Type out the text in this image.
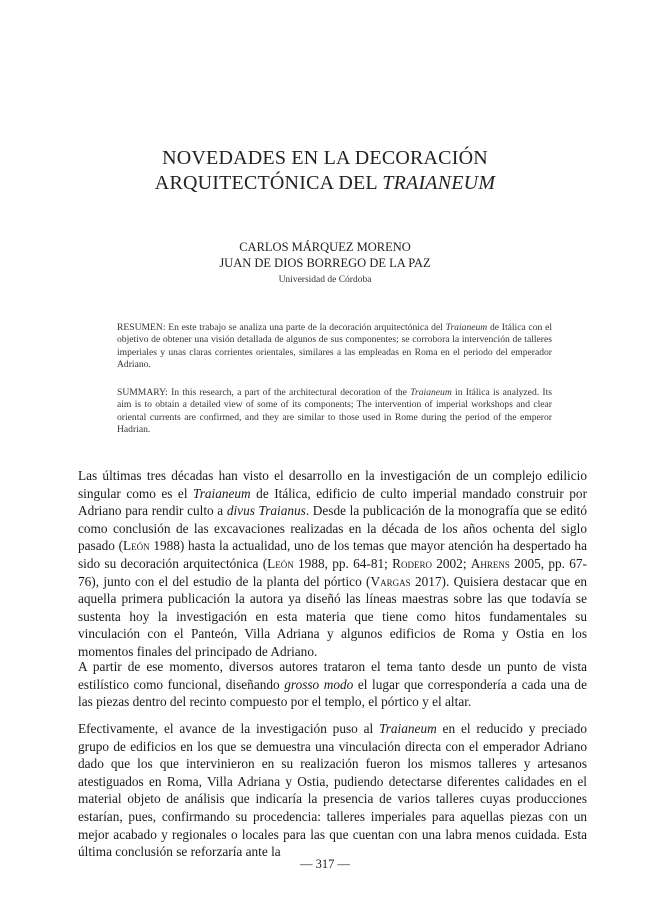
NOVEDADES EN LA DECORACIÓN
ARQUITECTÓNICA DEL TRAIANEUM
CARLOS MÁRQUEZ MORENO
JUAN DE DIOS BORREGO DE LA PAZ
Universidad de Córdoba

RESUMEN: En este trabajo se analiza una parte de la decoración arquitectónica del Traianeum de Itálica con el objetivo de obtener una visión detallada de algunos de sus componentes; se corrobora la intervención de talleres imperiales y unas claras corrientes orientales, similares a las empleadas en Roma en el periodo del emperador Adriano.

SUMMARY: In this research, a part of the architectural decoration of the Traianeum in Itálica is analyzed. Its aim is to obtain a detailed view of some of its components; The intervention of imperial workshops and clear oriental currents are confirmed, and they are similar to those used in Rome during the period of the emperor Hadrian.

Las últimas tres décadas han visto el desarrollo en la investigación de un complejo edilicio singular como es el Traianeum de Itálica, edificio de culto imperial mandado construir por Adriano para rendir culto a divus Traianus. Desde la publicación de la monografía que se editó como conclusión de las excavaciones realizadas en la década de los años ochenta del siglo pasado (León 1988) hasta la actualidad, uno de los temas que mayor atención ha despertado ha sido su decoración arquitectónica (León 1988, pp. 64-81; Rodero 2002; Ahrens 2005, pp. 67-76), junto con el del estudio de la planta del pórtico (Vargas 2017). Quisiera destacar que en aquella primera publicación la autora ya diseñó las líneas maestras sobre las que todavía se sustenta hoy la investigación en esta materia que tiene como hitos fundamentales su vinculación con el Panteón, Villa Adriana y algunos edificios de Roma y Ostia en los momentos finales del principado de Adriano.

A partir de ese momento, diversos autores trataron el tema tanto desde un punto de vista estilístico como funcional, diseñando grosso modo el lugar que correspondería a cada una de las piezas dentro del recinto compuesto por el templo, el pórtico y el altar.

Efectivamente, el avance de la investigación puso al Traianeum en el reducido y preciado grupo de edificios en los que se demuestra una vinculación directa con el emperador Adriano dado que los que intervinieron en su realización fueron los mismos talleres y artesanos atestiguados en Roma, Villa Adriana y Ostia, pudiendo detectarse diferentes calidades en el material objeto de análisis que indicaría la presencia de varios talleres cuyas producciones estarían, pues, confirmando su procedencia: talleres imperiales para aquellas piezas con un mejor acabado y regionales o locales para las que cuentan con una labra menos cuidada. Esta última conclusión se reforzaría ante la

— 317 —
